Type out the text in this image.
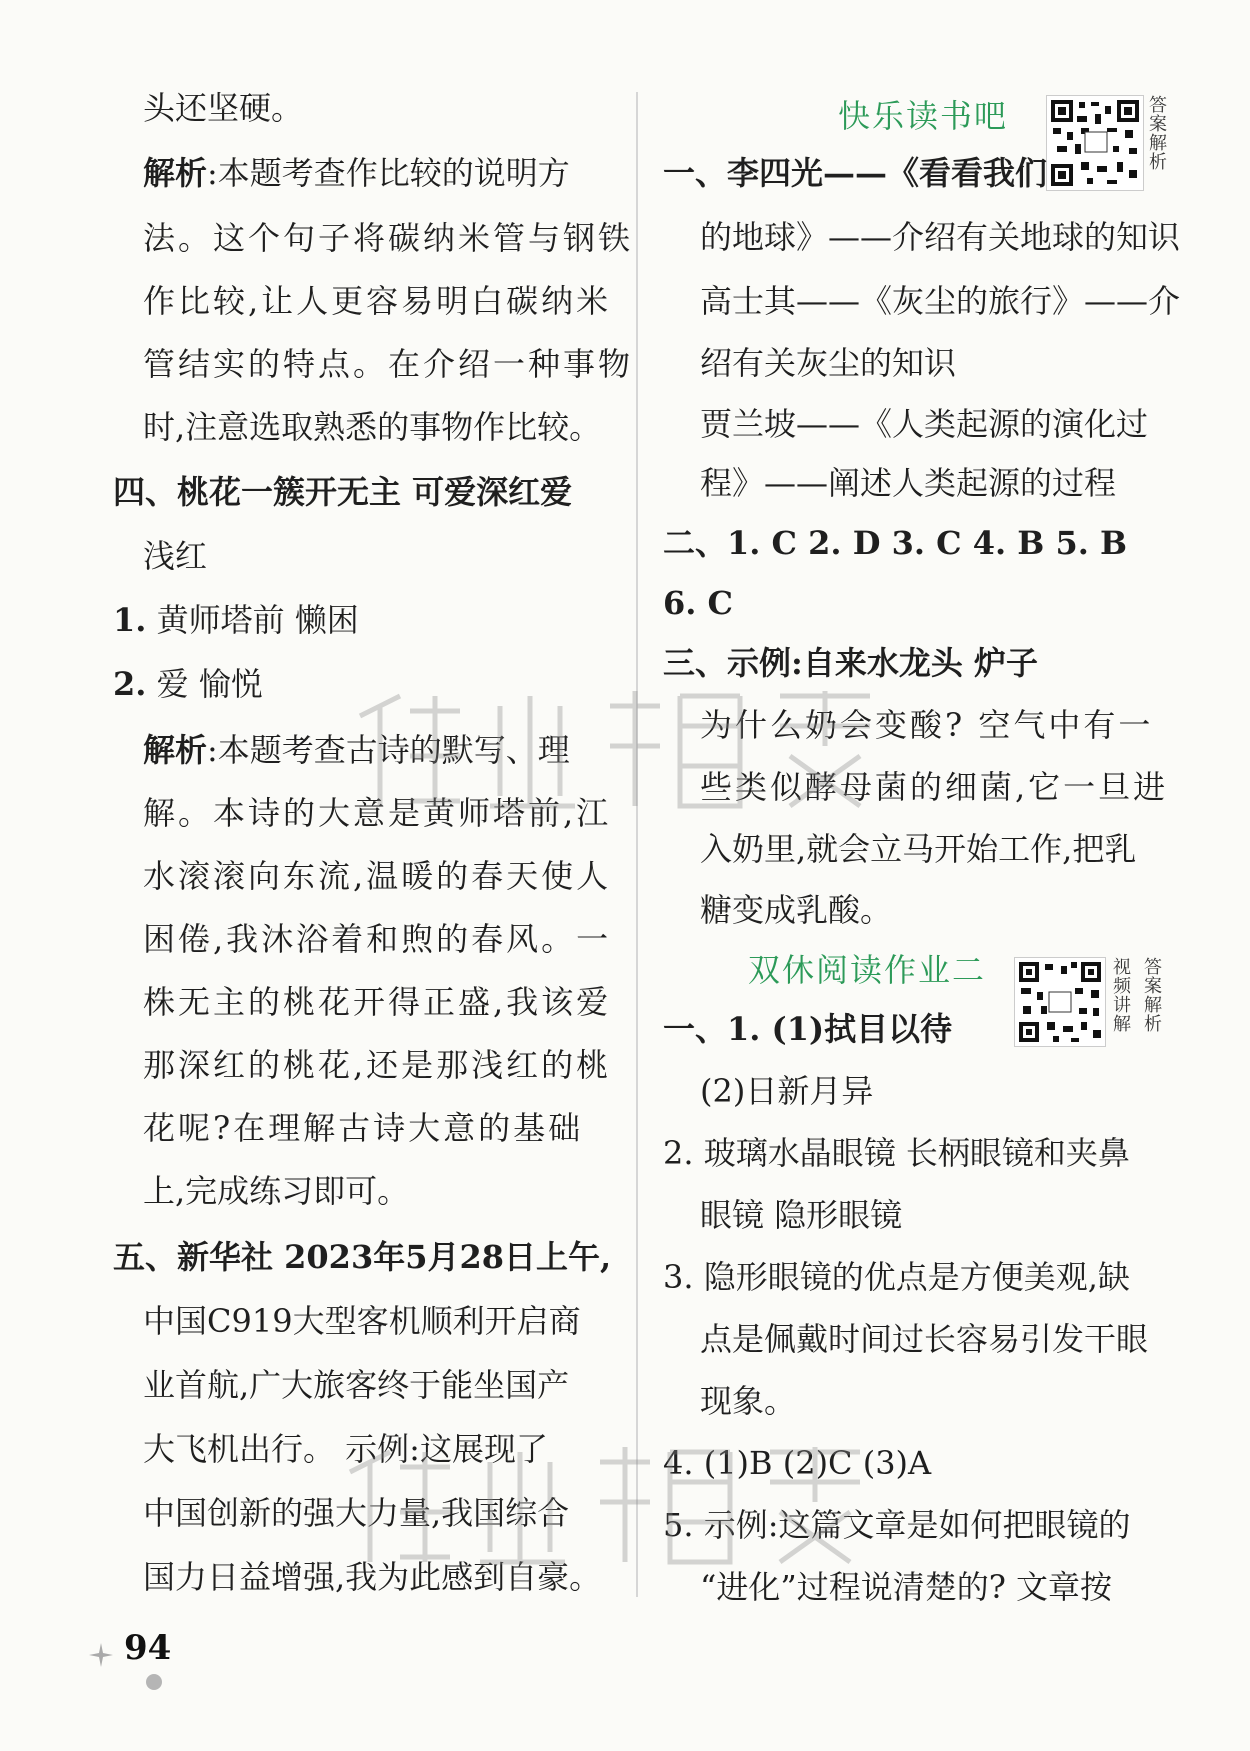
头还坚硬。
解析:本题考查作比较的说明方
法。这个句子将碳纳米管与钢铁
作比较,让人更容易明白碳纳米
管结实的特点。在介绍一种事物
时,注意选取熟悉的事物作比较。
四、桃花一簇开无主 可爱深红爱
浅红
1. 黄师塔前 懒困
2. 爱 愉悦
解析:本题考查古诗的默写、理
解。本诗的大意是黄师塔前,江
水滚滚向东流,温暖的春天使人
困倦,我沐浴着和煦的春风。一
株无主的桃花开得正盛,我该爱
那深红的桃花,还是那浅红的桃
花呢?在理解古诗大意的基础
上,完成练习即可。
五、新华社 2023年5月28日上午,
中国C919大型客机顺利开启商
业首航,广大旅客终于能坐国产
大飞机出行。 示例:这展现了
中国创新的强大力量,我国综合
国力日益增强,我为此感到自豪。
快乐读书吧	答案解析
一、李四光——《看看我们
的地球》——介绍有关地球的知识
高士其——《灰尘的旅行》——介
绍有关灰尘的知识
贾兰坡——《人类起源的演化过
程》——阐述人类起源的过程
二、1. C 2. D 3. C 4. B 5. B
6. C
三、示例:自来水龙头 炉子
为什么奶会变酸? 空气中有一
些类似酵母菌的细菌,它一旦进
入奶里,就会立马开始工作,把乳
糖变成乳酸。
双休阅读作业二	视频讲解
答案解析
一、1. (1)拭目以待
(2)日新月异
2. 玻璃水晶眼镜 长柄眼镜和夹鼻
眼镜 隐形眼镜
3. 隐形眼镜的优点是方便美观,缺
点是佩戴时间过长容易引发干眼
现象。
4. (1)B (2)C (3)A
5. 示例:这篇文章是如何把眼镜的
“进化”过程说清楚的? 文章按
94
